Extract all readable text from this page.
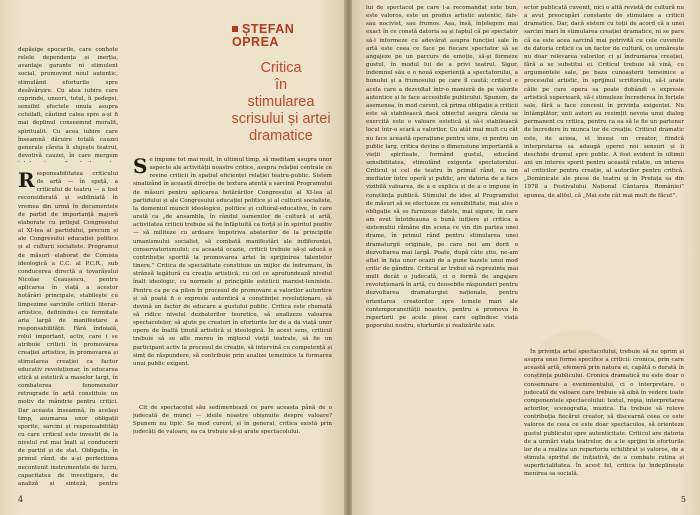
depășige epocarile, care conhote relele dependența și inerția, avantaje garante ni stimulent social, promovind noul autentic, stimulând eforturile spre desăvârșire. Cu atea iubire care cuprinde, uneori, totul, îi pedepsi, sensibil efectele unuia asupra celuilalt, căutind calea spre a-și fi mai deplinul conseemnd moralit, spiritualit. Cu acea iubire care înseamnă dăruire totală cauzei generale căreia îi slujește teatrul, devotivă cauzei, în care mergem

R esponsabilitatea criticului de artă — în speță, a criticului de teatru — a fost reconsiderată și subliniată în vremea din urmă în documentele de partid de importanță majoră elaborate cu prilejul Congresului al XI-lea al partidului, precum și ale Congresului educației politice și al culturii socialiste. Programul de măsuri elaborat de Comisia ideologică a C.C. al P.C.R., sub conducerea directă a tovarășului Nicolae Ceaușescu, pentru aplicarea în viață a acestor hotărâri principale, stabilește cu limpezime sarcinile criticii literar-artistice, definindu-i cu fermitate aria largă de manifestare a responsabilității. Fără îndoială, rolul important, activ, care i se atribuie criticii în promovarea creației artistice, în promovarea și stimularea creației ca factor educativ revoluționar, în educarea etică și estetică a maselor largi, în combaterea fenomenelor retrograde în artă constituie un motiv de mândrie pentru critici. Dar aceasta înseamnă, în același timp, asumarea unor obligații sporite, sarcini și responsabilități cu care criticul este investit de la nivelul rol mai înalt al conducerii de partid și de stat. Obligația, în primul rând, de a-și perfecționa necontenit instrumentele de lucru, capacitatea de investigare, de analiză și sinteză, pentru

ȘTEFAN OPREA
Critica
în
stimularea
scrisului și artei
dramatice
S e impune tot mai mult, în ultimul timp, să meditam asupra unor aspecte ale activității noastre critice, asupra relației centrale ce revine criticii în spațiul eficienței relației teatru-public. Sistem sinalizând în această direcție de textura atentă a sarcinii Programului de măsuri pentru aplicarea hotărârilor Congresului al XI-lea al partidului și ale Congresului educației politice și al culturii socialiste, la domeniul muncii ideologice, politice și cultural-educative, în care arată ca „de ansamblu, în rândul oamenilor de cultură și artă, activitatea criticii trebuie să fie înfăptuită ca forță și în spiritul pozitiv — să militeze cu ardoare împotriva abaterilor de la principiile umanismului socialist, să combată manifestări ale indiferenței, conservatorismului; cu această ocazie, criticii trebuie să-și aducă o contribuție sporită la promovarea artei în sprijinirea talentelor tinere.” Critica de specialitate constituie un mijloc de îndrumare, în strânsă legătură cu creația artistică, cu cel ce aprofundează nivelul înalt ideologic, cu normele și principiile esteticii marxist-leniniste. Pentru ca pe ca pilon în procesul de promovare a valorilor autentice și să poată fi o expresie autentică a conștiinței revoluționare, să devină un factor de educare a gustului public. Critica este chemată să ridice nivelul dezbaterilor teoretice, să analizeze valoarea spectacolelor, să ajute pe creatori în eforturile lor de a da viață unor opere de înaltă ținută artistică și ideologică. În acest sens, criticul trebuie să se afle mereu în mijlocul vieții teatrale, să fie un participant activ la procesul de creație, să intervină cu competență și simț de răspundere, să contribuie prin analize temeinice la formarea unui public exigent.

Cit de spectacolul său sedimentează ce pare aceasta până de o judecată de munci — ideile noastre obișnuite despre valoare? Spunem nu tipic. Se mod curent, și în general, critica există prin judecăți de valoare, ea ca trebuie să-și arate spectacolului.

4

lui de spectacol pe care l-a recomandat este bun, este valoros, este un produs artistic autentic, fals-sau nocivist, sau frumos. Așa, însă, înțelegem mai exact în ce constă datoria sa și faptul că pe spectator să-l informeze cu adevărat asupra funcției sale în artă este ceea ce face pe fiecare spectator să se angajeze pe un parcurs de emoție, să-și formeze gustul, în modul lui de a privi teatrul. Sigur, îndemnul său e o nouă experiență a spectatorului, a bunului și a frumosului pe care îl caută; criticul e acela care a dezvoltat într-o manieră de pe valorile autentice și le face accesibile publicului. Spunem, de asemenea, în mod curent, că prima obligație a criticii este să stabilească dacă obiectul asupra căruia se exercită este o valoare estetică și să-i stabilească locul într-o scară a valorilor. Cu atât mai mult cu cât nu face această operațiune pentru sine, ci pentru un public larg, critica devine o dimensiune importantă a vieții spirituale, formând gustul, educând sensibilitatea, stimulând exigența spectatorului. Criticul și cel de teatru în primul rând, ca un mediator între operă și public, are datoria de a face vizibilă valoarea, de a o explica și de a o impune în conștiința publică. Stimulul de idee al Programului de măsuri să se efectueze cu sensibilitate, mai ales o obligație să se furnizeze datele, mai sigure, în care am avut întotdeauna o bună inițiere și critica a sistemului rămâne din scena ce vin din partea unei drame, în primul rând pentru stimularea unei dramaturgii originale, pe care noi am dorit o dezvoltarea mai largă. Poate, după câte știu, ne-am aflat în fața unor ocazii de a pune bazele unui mod critic de gândire. Criticul ar trebui să reprezinte mai mult decât o judecată, ci o formă de angajare revoluționară în artă, cu deosebite răspunderi pentru dezvoltarea dramaturgiei naționale, pentru orientarea creatorilor spre temele mari ale contemporaneității noastre, pentru a promova în repertorii pe acele piese care oglindesc viața poporului nostru, eforturile și realizările sale.

ector publicată cuvenit, nici o altă revistă de cultură nu a avut preocupări constante de stimulare a criticii dramatice. Dar, dacă sistem cu toții de acord că a unei sarcini mari în stimularea creației dramatice, ni se pare că ea este acea sarcină mai potrivită cu cele cuvenite de datoria criticii ca un factor de cultură, ce urmărește nu doar relevarea valorilor, ci și îndrumarea creației, fără a se substitui ei. Criticul trebuie să vină, cu argumentele sale, pe baza cunoașterii temeinice a procesului artistic, în sprijinul scriitorului, să-i arate căile pe care opera sa poate dobândi o expresie artistică superioară, să-i stimuleze încrederea în forțele sale, fără a face concesii în privința exigenței. Nu întâmplător, unii autori au resimțit nevoia unui dialog permanent cu critica, pentru ca ea să le fie un partener de încredere în munca lor de creație. Criticul dramatic este, de aceea, el însuși un creator, fiindcă interpretarea sa adaugă operei noi sensuri și îi deschide drumul spre public. A fost evident în ultimii ani un interes sporit pentru această relație, un interes al criticilor pentru creație, al autorilor pentru critică. „Dominicale ale piese de teatru și în Prefața sa din 1978 a Festivalului Național Cântarea României” spunea, de altfel, că „Mai este cât mai mult de făcut”.

În privința artei spectacolului, trebuie să ne oprim și asupra unei forme specifice a criticii: cronica, prin care această artă, efemeră prin natura ei, capătă o durată în conștiința publicului. Cronica dramatică nu este doar o consemnare a evenimentului, ci o interpretare, o judecată de valoare care trebuie să aibă în vedere toate componentele spectacolului: textul, regia, interpretarea actorilor, scenografia, muzica. Ea trebuie să releve contribuția fiecărui creator, să discearnă ceea ce este valoros de ceea ce este doar spectaculos, să orienteze gustul publicului spre autenticitate. Criticul are datoria de a urmări viața teatrelor, de a le sprijini în eforturile lor de a realiza un repertoriu echilibrat și valoros, de a stimula spiritul de inițiativă, de a combate rutina și superficialitatea. În acest fel, critica își îndeplinește menirea sa socială.

5
